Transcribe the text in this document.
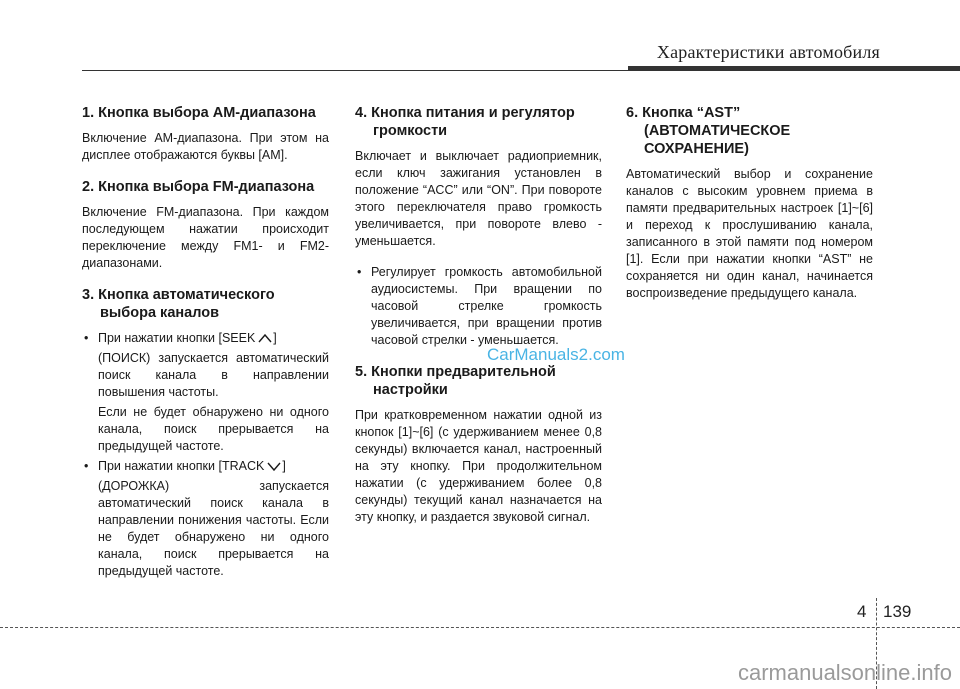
Характеристики автомобиля
1. Кнопка выбора AM-диапазона

Включение AM-диапазона. При этом на дисплее отображаются буквы [AM].

2. Кнопка выбора FM-диапазона

Включение FM-диапазона. При каждом последующем нажатии происходит переключение между FM1- и FM2-диапазонами.

3. Кнопка автоматического выбора каналов
• При нажатии кнопки [SEEK ]
(ПОИСК) запускается автоматический поиск канала в направлении повышения частоты.
Если не будет обнаружено ни одного канала, поиск прерывается на предыдущей частоте.
• При нажатии кнопки [TRACK ]
(ДОРОЖКА) запускается автоматический поиск канала в направлении понижения частоты. Если не будет обнаружено ни одного канала, поиск прерывается на предыдущей частоте.
4. Кнопка питания и регулятор громкости

Включает и выключает радиоприемник, если ключ зажигания установлен в положение “ACC” или “ON”. При повороте этого переключателя право громкость увеличивается, при повороте влево - уменьшается.

• Регулирует громкость автомобильной аудиосистемы. При вращении по часовой стрелке громкость увеличивается, при вращении против часовой стрелки - уменьшается.
5. Кнопки предварительной настройки

При кратковременном нажатии одной из кнопок [1]~[6] (с удерживанием менее 0,8 секунды) включается канал, настроенный на эту кнопку. При продолжительном нажатии (с удерживанием более 0,8 секунды) текущий канал назначается на эту кнопку, и раздается звуковой сигнал.

6. Кнопка “AST” (АВТОМАТИЧЕСКОЕ СОХРАНЕНИЕ)

Автоматический выбор и сохранение каналов с высоким уровнем приема в памяти предварительных настроек [1]~[6] и переход к прослушиванию канала, записанного в этой памяти под номером [1]. Если при нажатии кнопки “AST” не сохраняется ни один канал, начинается воспроизведение предыдущего канала.

CarManuals2.com
4 139
carmanualsonline.info
